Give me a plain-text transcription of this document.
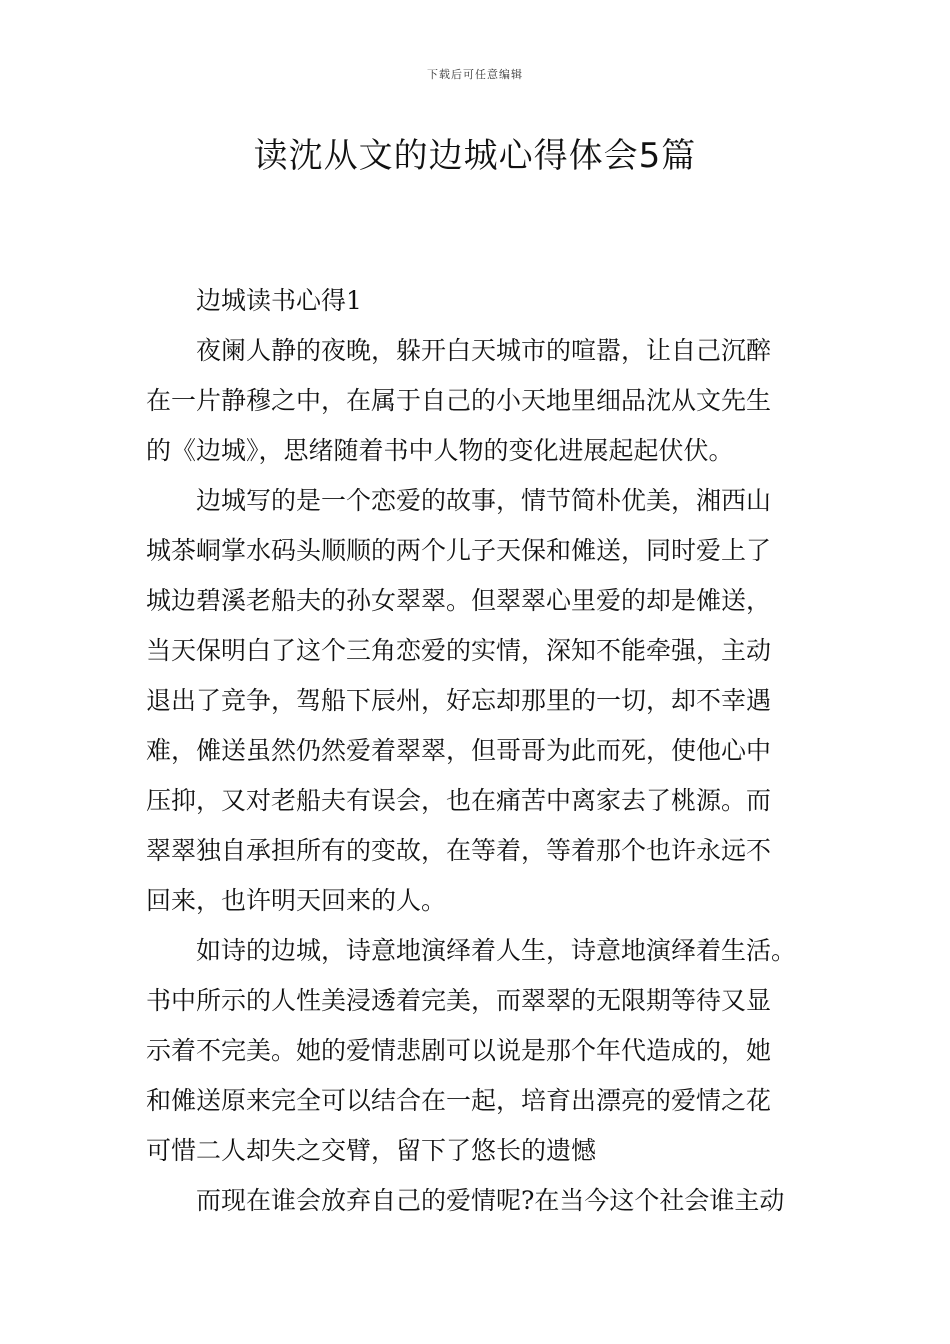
下载后可任意编辑
读沈从文的边城心得体会5篇
边城读书心得1
夜阑人静的夜晚，躲开白天城市的喧嚣，让自己沉醉
在一片静穆之中，在属于自己的小天地里细品沈从文先生
的《边城》，思绪随着书中人物的变化进展起起伏伏。
边城写的是一个恋爱的故事，情节简朴优美，湘西山
城茶峒掌水码头顺顺的两个儿子天保和傩送，同时爱上了
城边碧溪老船夫的孙女翠翠。但翠翠心里爱的却是傩送，
当天保明白了这个三角恋爱的实情，深知不能牵强，主动
退出了竞争，驾船下辰州，好忘却那里的一切，却不幸遇
难，傩送虽然仍然爱着翠翠，但哥哥为此而死，使他心中
压抑，又对老船夫有误会，也在痛苦中离家去了桃源。而
翠翠独自承担所有的变故，在等着，等着那个也许永远不
回来，也许明天回来的人。
如诗的边城，诗意地演绎着人生，诗意地演绎着生活。
书中所示的人性美浸透着完美，而翠翠的无限期等待又显
示着不完美。她的爱情悲剧可以说是那个年代造成的，她
和傩送原来完全可以结合在一起，培育出漂亮的爱情之花
可惜二人却失之交臂，留下了悠长的遗憾
而现在谁会放弃自己的爱情呢?在当今这个社会谁主动
